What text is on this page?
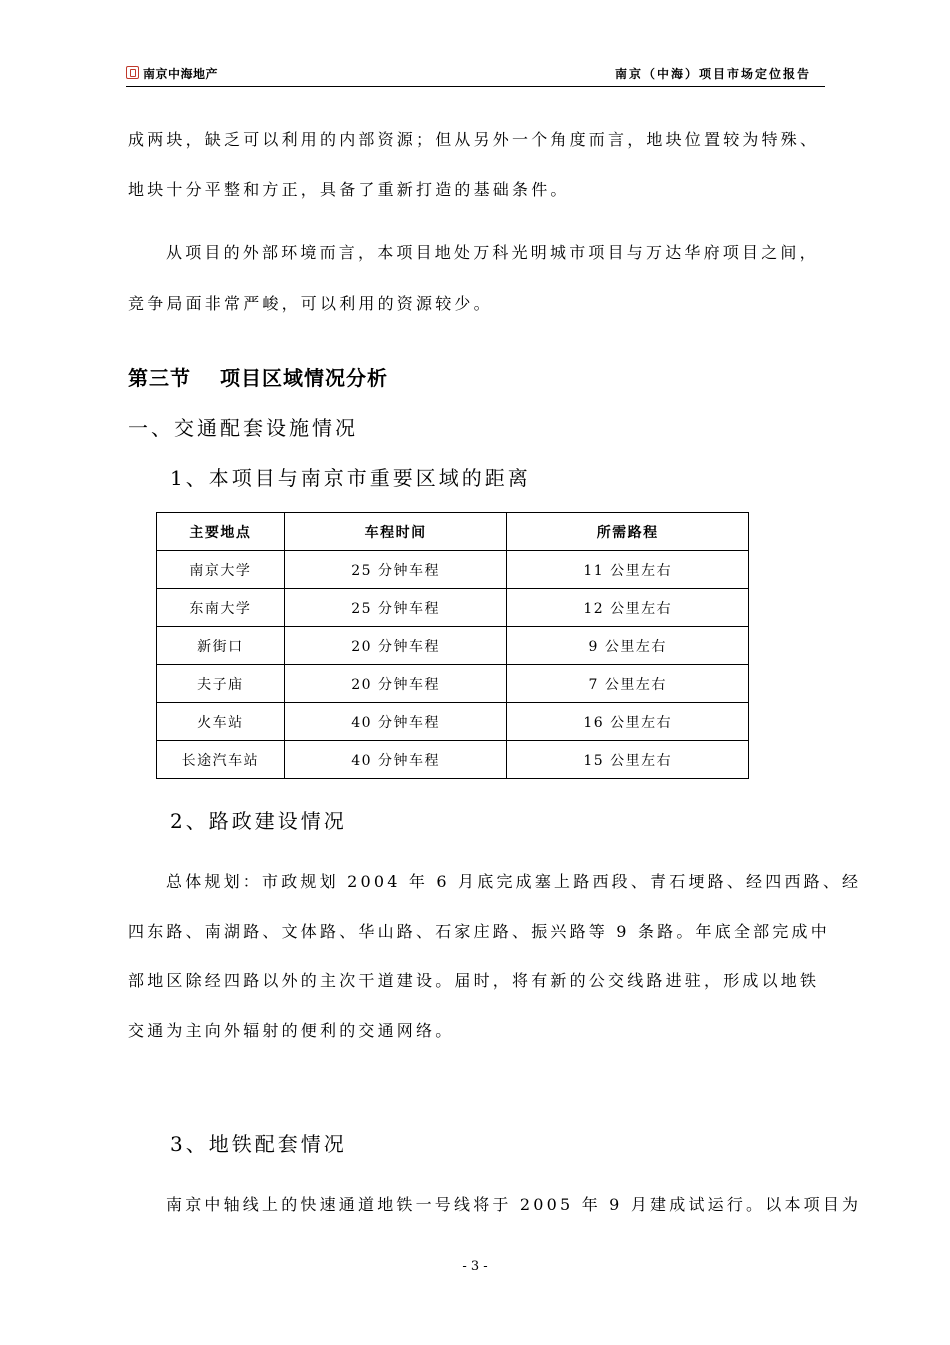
南京中海地产	南京（中海）项目市场定位报告
成两块，缺乏可以利用的内部资源；但从另外一个角度而言，地块位置较为特殊、
地块十分平整和方正，具备了重新打造的基础条件。
从项目的外部环境而言，本项目地处万科光明城市项目与万达华府项目之间，
竞争局面非常严峻，可以利用的资源较少。
第三节　 项目区域情况分析
一、交通配套设施情况
1、本项目与南京市重要区域的距离
主要地点	车程时间	所需路程
南京大学	25 分钟车程	11 公里左右
东南大学	25 分钟车程	12 公里左右
新街口	20 分钟车程	9 公里左右
夫子庙	20 分钟车程	7 公里左右
火车站	40 分钟车程	16 公里左右
长途汽车站	40 分钟车程	15 公里左右
2、路政建设情况
总体规划：市政规划 2004 年 6 月底完成塞上路西段、青石埂路、经四西路、经
四东路、南湖路、文体路、华山路、石家庄路、振兴路等 9 条路。年底全部完成中
部地区除经四路以外的主次干道建设。届时，将有新的公交线路进驻，形成以地铁
交通为主向外辐射的便利的交通网络。
3、地铁配套情况
南京中轴线上的快速通道地铁一号线将于 2005 年 9 月建成试运行。以本项目为
- 3 -
